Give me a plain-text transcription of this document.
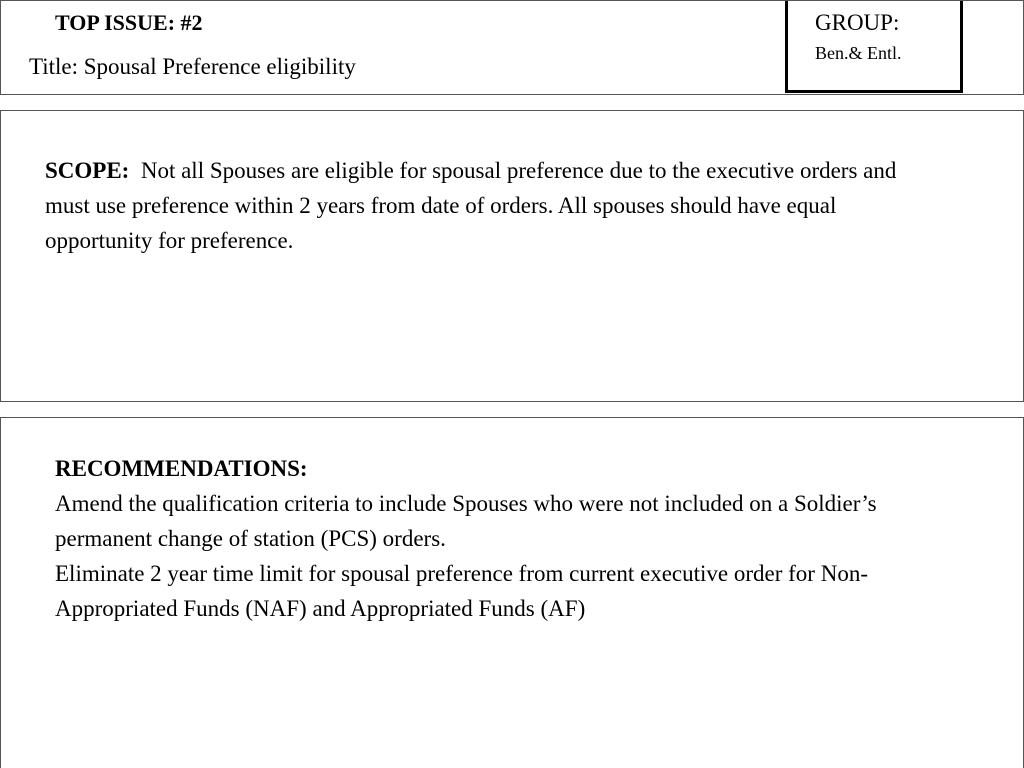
TOP ISSUE: #2
Title: Spousal Preference eligibility
GROUP:
Ben.& Entl.
SCOPE: Not all Spouses are eligible for spousal preference due to the executive orders and must use preference within 2 years from date of orders. All spouses should have equal opportunity for preference.

RECOMMENDATIONS:

Amend the qualification criteria to include Spouses who were not included on a Soldier’s permanent change of station (PCS) orders.

Eliminate 2 year time limit for spousal preference from current executive order for Non-Appropriated Funds (NAF) and Appropriated Funds (AF)
